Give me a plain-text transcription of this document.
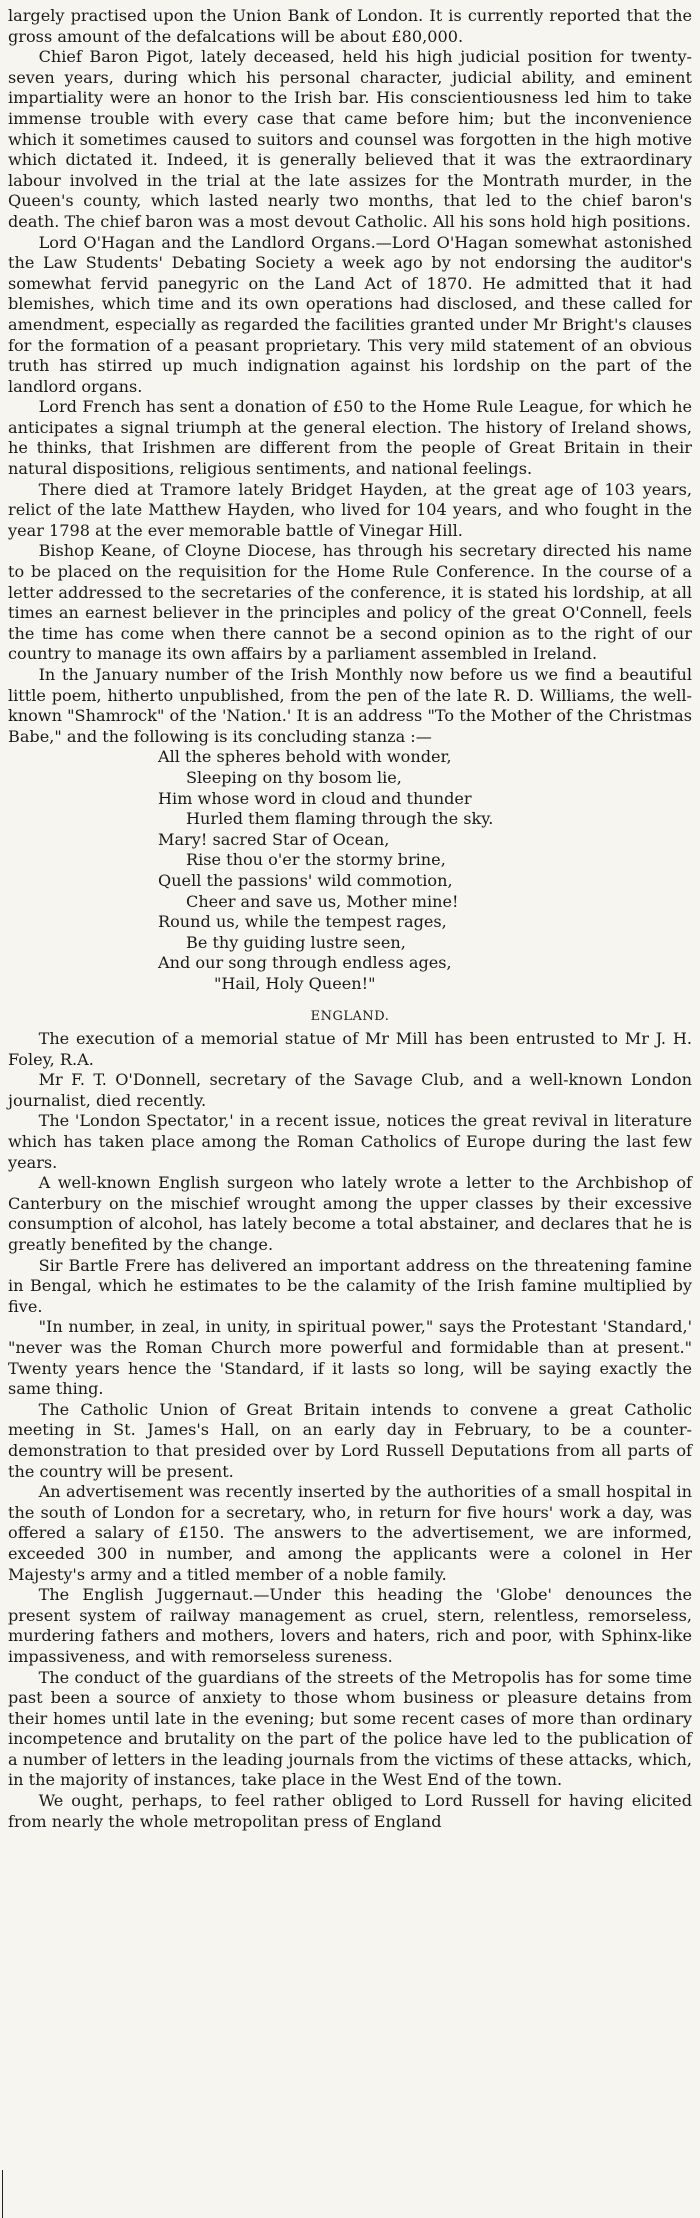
largely practised upon the Union Bank of London. It is currently reported that the gross amount of the defalcations will be about £80,000.

Chief Baron Pigot, lately deceased, held his high judicial position for twenty-seven years, during which his personal character, judicial ability, and eminent impartiality were an honor to the Irish bar. His conscientiousness led him to take immense trouble with every case that came before him; but the inconvenience which it sometimes caused to suitors and counsel was forgotten in the high motive which dictated it. Indeed, it is generally believed that it was the extraordinary labour involved in the trial at the late assizes for the Montrath murder, in the Queen's county, which lasted nearly two months, that led to the chief baron's death. The chief baron was a most devout Catholic. All his sons hold high positions.

Lord O'Hagan and the Landlord Organs.—Lord O'Hagan somewhat astonished the Law Students' Debating Society a week ago by not endorsing the auditor's somewhat fervid panegyric on the Land Act of 1870. He admitted that it had blemishes, which time and its own operations had disclosed, and these called for amendment, especially as regarded the facilities granted under Mr Bright's clauses for the formation of a peasant proprietary. This very mild statement of an obvious truth has stirred up much indignation against his lordship on the part of the landlord organs.

Lord French has sent a donation of £50 to the Home Rule League, for which he anticipates a signal triumph at the general election. The history of Ireland shows, he thinks, that Irishmen are different from the people of Great Britain in their natural dispositions, religious sentiments, and national feelings.

There died at Tramore lately Bridget Hayden, at the great age of 103 years, relict of the late Matthew Hayden, who lived for 104 years, and who fought in the year 1798 at the ever memorable battle of Vinegar Hill.

Bishop Keane, of Cloyne Diocese, has through his secretary directed his name to be placed on the requisition for the Home Rule Conference. In the course of a letter addressed to the secretaries of the conference, it is stated his lordship, at all times an earnest believer in the principles and policy of the great O'Connell, feels the time has come when there cannot be a second opinion as to the right of our country to manage its own affairs by a parliament assembled in Ireland.

In the January number of the Irish Monthly now before us we find a beautiful little poem, hitherto unpublished, from the pen of the late R. D. Williams, the well-known "Shamrock" of the 'Nation.' It is an address "To the Mother of the Christmas Babe," and the following is its concluding stanza :—

All the spheres behold with wonder,
Sleeping on thy bosom lie,
Him whose word in cloud and thunder
Hurled them flaming through the sky.
Mary! sacred Star of Ocean,
Rise thou o'er the stormy brine,
Quell the passions' wild commotion,
Cheer and save us, Mother mine!
Round us, while the tempest rages,
Be thy guiding lustre seen,
And our song through endless ages,
"Hail, Holy Queen!"
ENGLAND.

The execution of a memorial statue of Mr Mill has been entrusted to Mr J. H. Foley, R.A.

Mr F. T. O'Donnell, secretary of the Savage Club, and a well-known London journalist, died recently.

The 'London Spectator,' in a recent issue, notices the great revival in literature which has taken place among the Roman Catholics of Europe during the last few years.

A well-known English surgeon who lately wrote a letter to the Archbishop of Canterbury on the mischief wrought among the upper classes by their excessive consumption of alcohol, has lately become a total abstainer, and declares that he is greatly benefited by the change.

Sir Bartle Frere has delivered an important address on the threatening famine in Bengal, which he estimates to be the calamity of the Irish famine multiplied by five.

"In number, in zeal, in unity, in spiritual power," says the Protestant 'Standard,' "never was the Roman Church more powerful and formidable than at present." Twenty years hence the 'Standard, if it lasts so long, will be saying exactly the same thing.

The Catholic Union of Great Britain intends to convene a great Catholic meeting in St. James's Hall, on an early day in February, to be a counter-demonstration to that presided over by Lord Russell Deputations from all parts of the country will be present.

An advertisement was recently inserted by the authorities of a small hospital in the south of London for a secretary, who, in return for five hours' work a day, was offered a salary of £150. The answers to the advertisement, we are informed, exceeded 300 in number, and among the applicants were a colonel in Her Majesty's army and a titled member of a noble family.

The English Juggernaut.—Under this heading the 'Globe' denounces the present system of railway management as cruel, stern, relentless, remorseless, murdering fathers and mothers, lovers and haters, rich and poor, with Sphinx-like impassiveness, and with remorseless sureness.

The conduct of the guardians of the streets of the Metropolis has for some time past been a source of anxiety to those whom business or pleasure detains from their homes until late in the evening; but some recent cases of more than ordinary incompetence and brutality on the part of the police have led to the publication of a number of letters in the leading journals from the victims of these attacks, which, in the majority of instances, take place in the West End of the town.

We ought, perhaps, to feel rather obliged to Lord Russell for having elicited from nearly the whole metropolitan press of England
